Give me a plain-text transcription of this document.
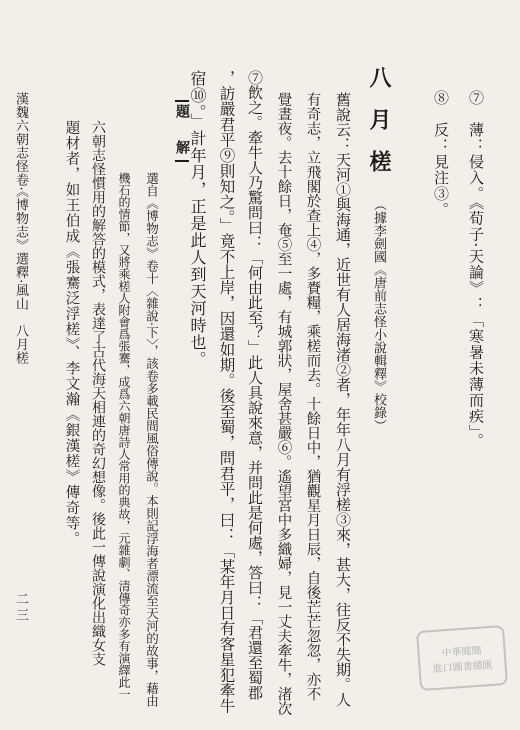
⑦　薄：侵入。《荀子·天論》：「寒暑未薄而疾」。
⑧　反：見注③。
八月槎
（據李劍國《唐前志怪小說輯釋》校錄）
舊說云：天河①與海通，近世有人居海渚②者，年年八月有浮槎③來，甚大，往反不失期。人
有奇志，立飛閣於查上④，多賚糧，乘槎而去。十餘日中，猶觀星月日辰，自後芒芒忽忽，亦不
覺晝夜。去十餘日，奄⑤至一處，有城郭狀，屋舍甚嚴⑥。遙望宮中多織婦，見一丈夫牽牛，渚次
⑦飲之。牽牛人乃驚問曰：「何由此至？」此人具說來意，并問此是何處，答曰：「君還至蜀郡
，訪嚴君平⑨則知之。」竟不上岸，因還如期。後至蜀，問君平，曰：「某年月日有客星犯牽牛
宿⑩。」計年月，正是此人到天河時也。
題　解
選自《博物志》卷十〈雜說·下〉，該卷多載民間風俗傳說。本則記浮海者漂流至天河的故事，藉由
機石的情節，又將乘槎人附會爲張騫，成爲六朝唐詩人常用的典故，元雜劇、清傳奇亦多有演繹此一
六朝志怪慣用的解答的模式，表達了古代海天相連的奇幻想像。後此一傳說演化出織女支
題材者，如王伯成《張騫泛浮槎》、李文瀚《銀漢槎》傳奇等。
漢魏六朝志怪卷·《博物志》選釋·風山　八月槎
二三
中華閱閱
進口圖書總匯
